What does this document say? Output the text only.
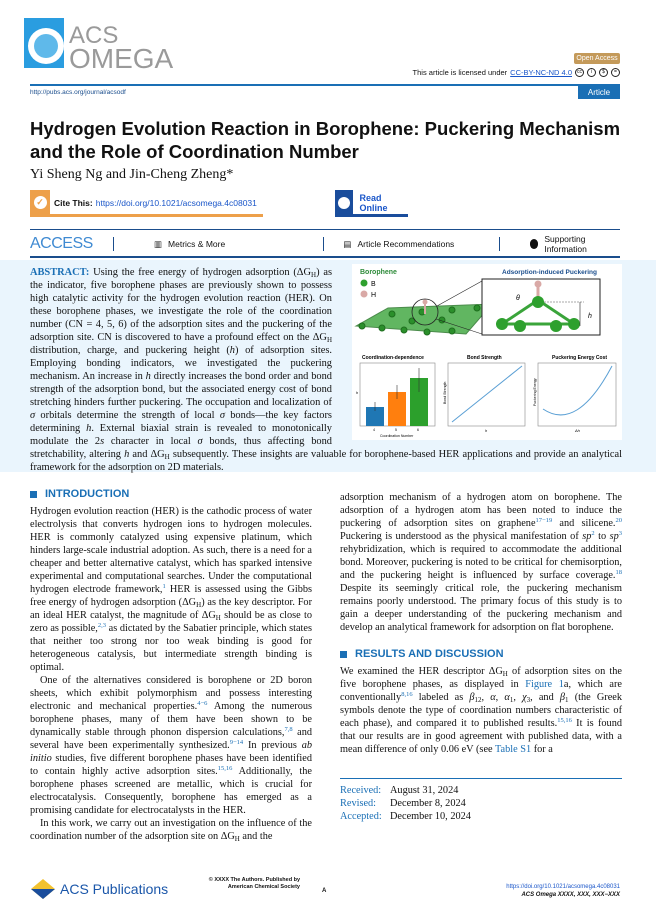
ACS
OMEGA	Open Access
This article is licensed under CC-BY-NC-ND 4.0	cc	i	$	=
http://pubs.acs.org/journal/acsodf	Article
Hydrogen Evolution Reaction in Borophene: Puckering Mechanism and the Role of Coordination Number
Yi Sheng Ng and Jin-Cheng Zheng*
✓	Cite This: https://doi.org/10.1021/acsomega.4c08031	Read Online
ACCESS	▥ Metrics & More	▤ Article Recommendations	Supporting Information
Borophene
B
H
Adsorption-induced Puckering
θ
h
Coordination-dependence
h
4	5	6
Coordination Number
Bond Strength
Bond Strength
h
Puckering Energy Cost
Puckering Energy
Δh
ABSTRACT: Using the free energy of hydrogen adsorption $(\Delta G_H)$ as the indicator, five borophene phases are previously shown to possess high catalytic activity for the hydrogen evolution reaction (HER). On these borophene phases, we investigate the role of the coordination number (CN = 4, 5, 6) of the adsorption sites and the puckering of the adsorption site. CN is discovered to have a profound effect on the $\Delta G_H$ distribution, charge, and puckering height (h) of adsorption sites. Employing bonding indicators, we investigated the puckering mechanism. An increase in h directly increases the bond order and bond strength of the adsorption bond, but the associated energy cost of bond stretching hinders further puckering. The occupation and localization of σ orbitals determine the strength of local σ bonds—the key factors determining h. External biaxial strain is revealed to monotonically modulate the 2s character in local σ bonds, thus affecting bond stretchability, altering h and $\Delta G_H$ subsequently. These insights are valuable for borophene-based HER applications and provide an analytical framework for the adsorption on 2D materials.
INTRODUCTION

Hydrogen evolution reaction (HER) is the cathodic process of water electrolysis that converts hydrogen ions to hydrogen molecules. HER is commonly catalyzed using expensive platinum, which hinders large-scale industrial adoption. As such, there is a need for a cheaper and better alternative catalyst, which has sparked intensive experimental and computational searches. Under the computational hydrogen electrode framework,$^1$ HER is assessed using the Gibbs free energy of hydrogen adsorption $(\Delta G_H)$ as the key descriptor. For an ideal HER catalyst, the magnitude of $\Delta G_H$ should be as close to zero as possible,$^{2,3}$ as dictated by the Sabatier principle, which states that neither too strong nor too weak binding is good for heterogeneous catalysis, but intermediate strength binding is optimal.

One of the alternatives considered is borophene or 2D boron sheets, which exhibit polymorphism and possess interesting electronic and mechanical properties.$^{4-6}$ Among the numerous borophene phases, many of them have been shown to be dynamically stable through phonon dispersion calculations,$^{7,8}$ and several have been experimentally synthesized.$^{9-14}$ In previous ab initio studies, five different borophene phases have been identified to contain highly active adsorption sites.$^{15,16}$ Additionally, the borophene phases screened are metallic, which is crucial for electrocatalysis. Consequently, borophene has emerged as a promising candidate for electrocatalysts in the HER.

In this work, we carry out an investigation on the influence of the coordination number of the adsorption site on $\Delta G_H$ and the

adsorption mechanism of a hydrogen atom on borophene. The adsorption of a hydrogen atom has been noted to induce the puckering of adsorption sites on graphene$^{17-19}$ and silicene.$^{20}$ Puckering is understood as the physical manifestation of $sp^2$ to $sp^3$ rehybridization, which is required to accommodate the additional bond. Moreover, puckering is noted to be critical for chemisorption, and the puckering height is influenced by surface coverage.$^{18}$ Despite its seemingly critical role, the puckering mechanism remains poorly understood. The primary focus of this study is to gain a deeper understanding of the puckering mechanism and develop an analytical framework for adsorption on flat borophene.

RESULTS AND DISCUSSION

We examined the HER descriptor $\Delta G_H$ of adsorption sites on the five borophene phases, as displayed in Figure 1a, which are conventionally$^{8,16}$ labeled as $\beta_{12}$, α, $\alpha_1$, $\chi_3$, and $\beta_1$ (the Greek symbols denote the type of coordination numbers characteristic of each phase), and compared it to published results.$^{15,16}$ It is found that our results are in good agreement with published data, with a mean difference of only 0.06 eV (see Table S1 for a

Received: August 31, 2024
Revised:	December 8, 2024
Accepted: December 10, 2024
ACS Publications
© XXXX The Authors. Published by
American Chemical Society
A
https://doi.org/10.1021/acsomega.4c08031
ACS Omega XXXX, XXX, XXX−XXX
